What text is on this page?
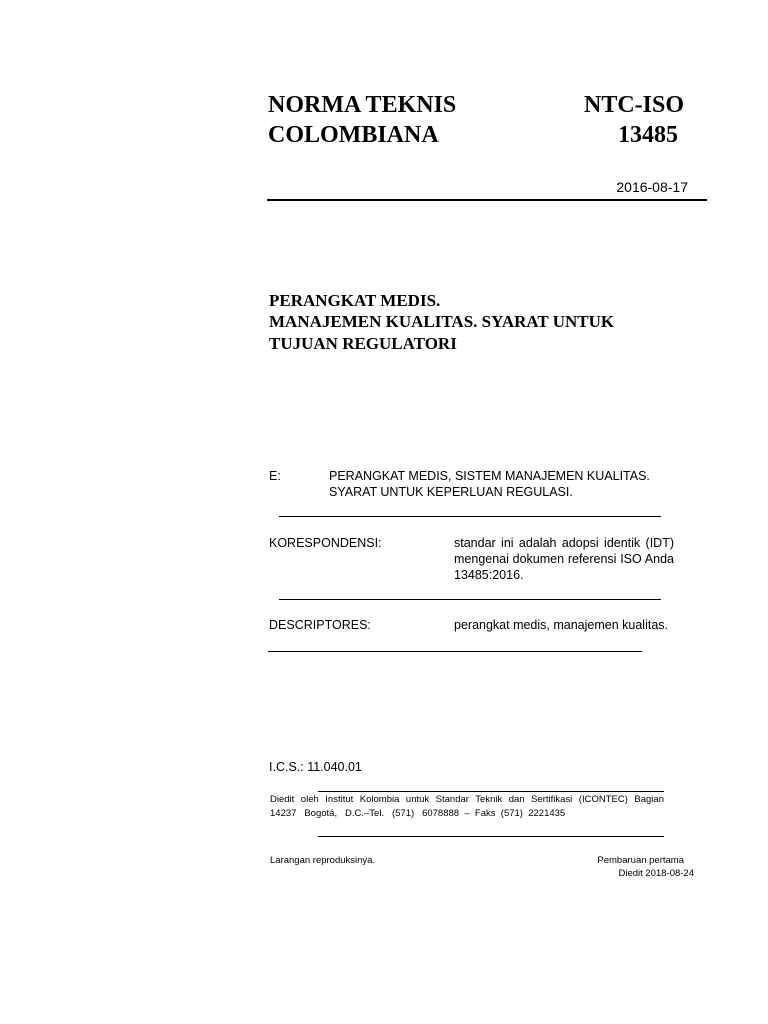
NORMA TEKNIS
COLOMBIANA
NTC-ISO
13485
2016-08-17
PERANGKAT MEDIS.
MANAJEMEN KUALITAS. SYARAT UNTUK
TUJUAN REGULATORI
E:	PERANGKAT MEDIS, SISTEM MANAJEMEN KUALITAS.
SYARAT UNTUK KEPERLUAN REGULASI.
KORESPONDENSI:	standar ini adalah adopsi identik (IDT)
mengenai dokumen referensi ISO Anda
13485:2016.
DESCRIPTORES:	perangkat medis, manajemen kualitas.
I.C.S.: 11.040.01
Diedit oleh Institut Kolombia untuk Standar Teknik dan Sertifikasi (ICONTEC) Bagian
14237   Bogotá,   D.C.–Tel.   (571)   6078888  –  Faks  (571)  2221435
Larangan reproduksinya.	Pembaruan pertama
Diedit 2018-08-24
